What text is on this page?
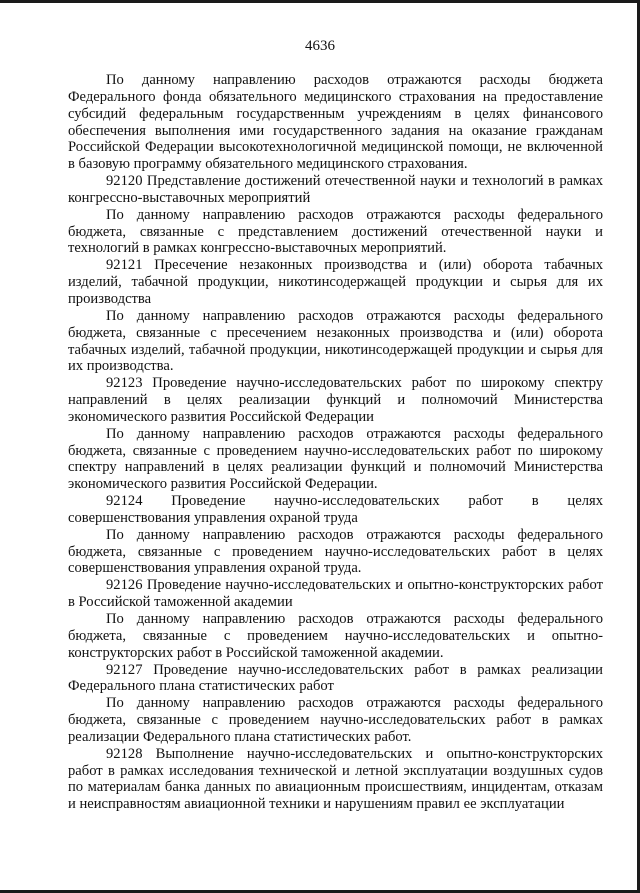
4636

По данному направлению расходов отражаются расходы бюджета Федерального фонда обязательного медицинского страхования на предоставление субсидий федеральным государственным учреждениям в целях финансового обеспечения выполнения ими государственного задания на оказание гражданам Российской Федерации высокотехнологичной медицинской помощи, не включенной в базовую программу обязательного медицинского страхования.

92120 Представление достижений отечественной науки и технологий в рамках конгрессно-выставочных мероприятий

По данному направлению расходов отражаются расходы федерального бюджета, связанные с представлением достижений отечественной науки и технологий в рамках конгрессно-выставочных мероприятий.

92121 Пресечение незаконных производства и (или) оборота табачных изделий, табачной продукции, никотинсодержащей продукции и сырья для их производства

По данному направлению расходов отражаются расходы федерального бюджета, связанные с пресечением незаконных производства и (или) оборота табачных изделий, табачной продукции, никотинсодержащей продукции и сырья для их производства.

92123 Проведение научно-исследовательских работ по широкому спектру направлений в целях реализации функций и полномочий Министерства экономического развития Российской Федерации

По данному направлению расходов отражаются расходы федерального бюджета, связанные с проведением научно-исследовательских работ по широкому спектру направлений в целях реализации функций и полномочий Министерства экономического развития Российской Федерации.

92124 Проведение научно-исследовательских работ в целях совершенствования управления охраной труда

По данному направлению расходов отражаются расходы федерального бюджета, связанные с проведением научно-исследовательских работ в целях совершенствования управления охраной труда.

92126 Проведение научно-исследовательских и опытно-конструкторских работ в Российской таможенной академии

По данному направлению расходов отражаются расходы федерального бюджета, связанные с проведением научно-исследовательских и опытно-конструкторских работ в Российской таможенной академии.

92127 Проведение научно-исследовательских работ в рамках реализации Федерального плана статистических работ

По данному направлению расходов отражаются расходы федерального бюджета, связанные с проведением научно-исследовательских работ в рамках реализации Федерального плана статистических работ.

92128 Выполнение научно-исследовательских и опытно-конструкторских работ в рамках исследования технической и летной эксплуатации воздушных судов по материалам банка данных по авиационным происшествиям, инцидентам, отказам и неисправностям авиационной техники и нарушениям правил ее эксплуатации
